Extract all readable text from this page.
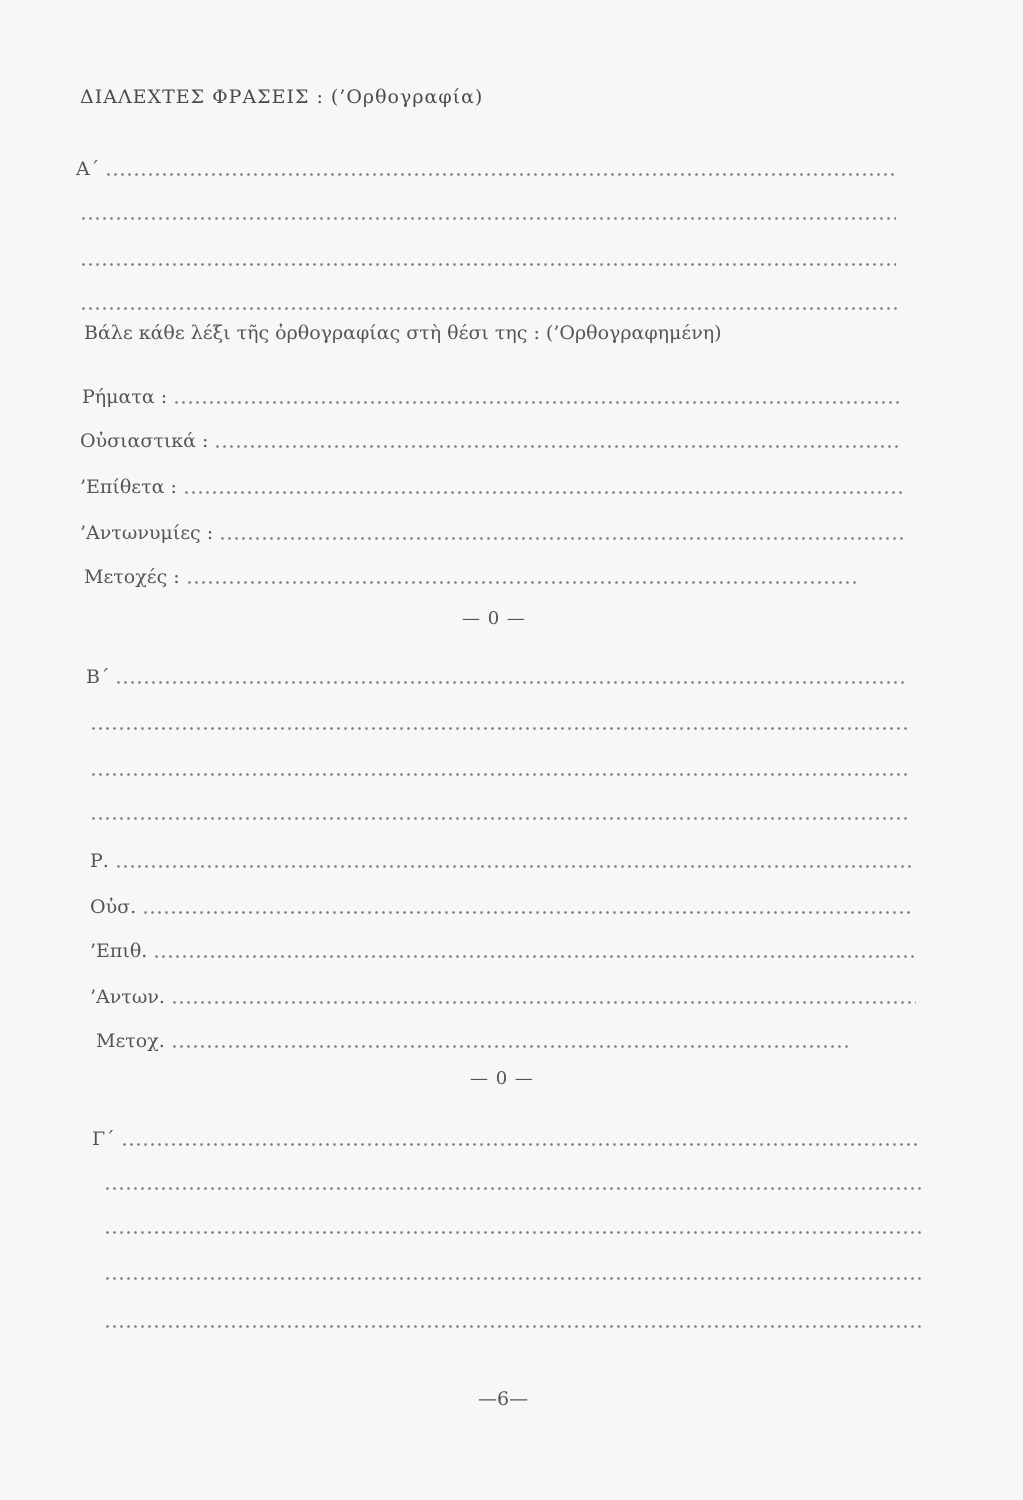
ΔΙΑΛΕΧΤΕΣ ΦΡΑΣΕΙΣ : (’Ορθογραφία)
Α΄
Βάλε κάθε λέξι τῆς ὀρθογραφίας στὴ θέσι της : (’Ορθογραφημένη)
Ρήματα :
Οὐσιαστικά :
’Επίθετα :
’Αντωνυμίες :
Μετοχές :
— 0 —
Β΄
Ρ.
Οὐσ.
’Επιθ.
’Αντων.
Μετοχ.
— 0 —
Γ΄
—6—
